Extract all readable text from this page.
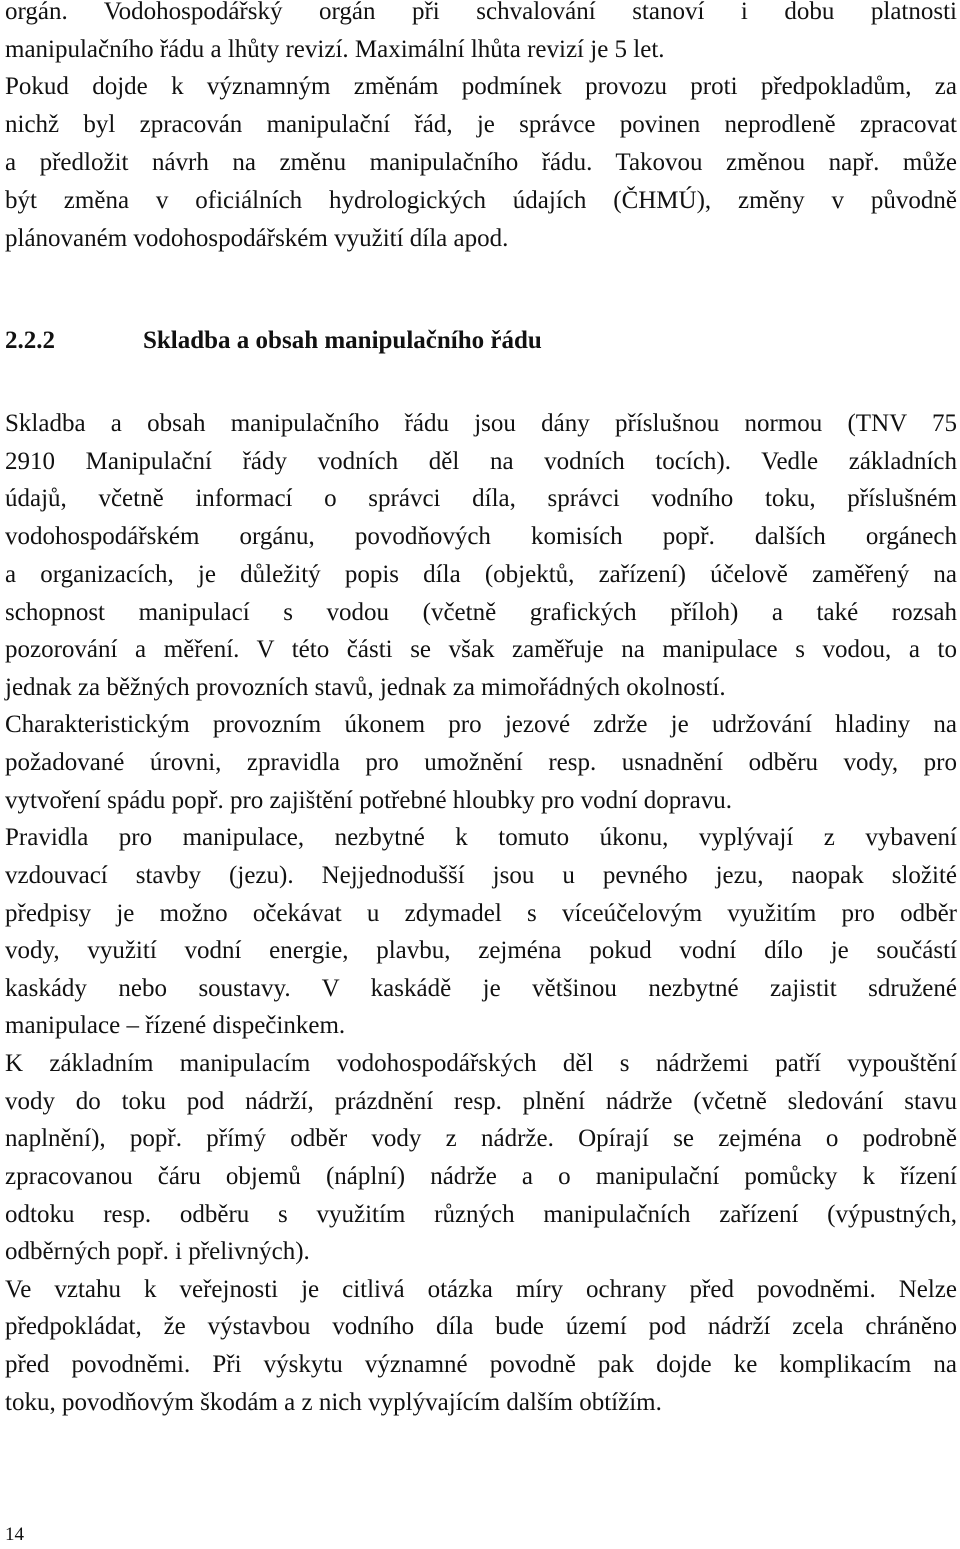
orgán. Vodohospodářský orgán při schvalování stanoví i dobu platnosti
manipulačního řádu a lhůty revizí. Maximální lhůta revizí je 5 let.
Pokud dojde k významným změnám podmínek provozu proti předpokladům, za
nichž byl zpracován manipulační řád, je správce povinen neprodleně zpracovat
a předložit návrh na změnu manipulačního řádu. Takovou změnou např. může
být změna v oficiálních hydrologických údajích (ČHMÚ), změny v původně
plánovaném vodohospodářském využití díla apod.
2.2.2	Skladba a obsah manipulačního řádu
Skladba a obsah manipulačního řádu jsou dány příslušnou normou (TNV 75
2910 Manipulační řády vodních děl na vodních tocích). Vedle základních
údajů, včetně informací o správci díla, správci vodního toku, příslušném
vodohospodářském orgánu, povodňových komisích popř. dalších orgánech
a organizacích, je důležitý popis díla (objektů, zařízení) účelově zaměřený na
schopnost manipulací s vodou (včetně grafických příloh) a také rozsah
pozorování a měření. V této části se však zaměřuje na manipulace s vodou, a to
jednak za běžných provozních stavů, jednak za mimořádných okolností.
Charakteristickým provozním úkonem pro jezové zdrže je udržování hladiny na
požadované úrovni, zpravidla pro umožnění resp. usnadnění odběru vody, pro
vytvoření spádu popř. pro zajištění potřebné hloubky pro vodní dopravu.
Pravidla pro manipulace, nezbytné k tomuto úkonu, vyplývají z vybavení
vzdouvací stavby (jezu). Nejjednodušší jsou u pevného jezu, naopak složité
předpisy je možno očekávat u zdymadel s víceúčelovým využitím pro odběr
vody, využití vodní energie, plavbu, zejména pokud vodní dílo je součástí
kaskády nebo soustavy. V kaskádě je většinou nezbytné zajistit sdružené
manipulace – řízené dispečinkem.
K základním manipulacím vodohospodářských děl s nádržemi patří vypouštění
vody do toku pod nádrží, prázdnění resp. plnění nádrže (včetně sledování stavu
naplnění), popř. přímý odběr vody z nádrže. Opírají se zejména o podrobně
zpracovanou čáru objemů (náplní) nádrže a o manipulační pomůcky k řízení
odtoku resp. odběru s využitím různých manipulačních zařízení (výpustných,
odběrných popř. i přelivných).
Ve vztahu k veřejnosti je citlivá otázka míry ochrany před povodněmi. Nelze
předpokládat, že výstavbou vodního díla bude území pod nádrží zcela chráněno
před povodněmi. Při výskytu významné povodně pak dojde ke komplikacím na
toku, povodňovým škodám a z nich vyplývajícím dalším obtížím.
14
